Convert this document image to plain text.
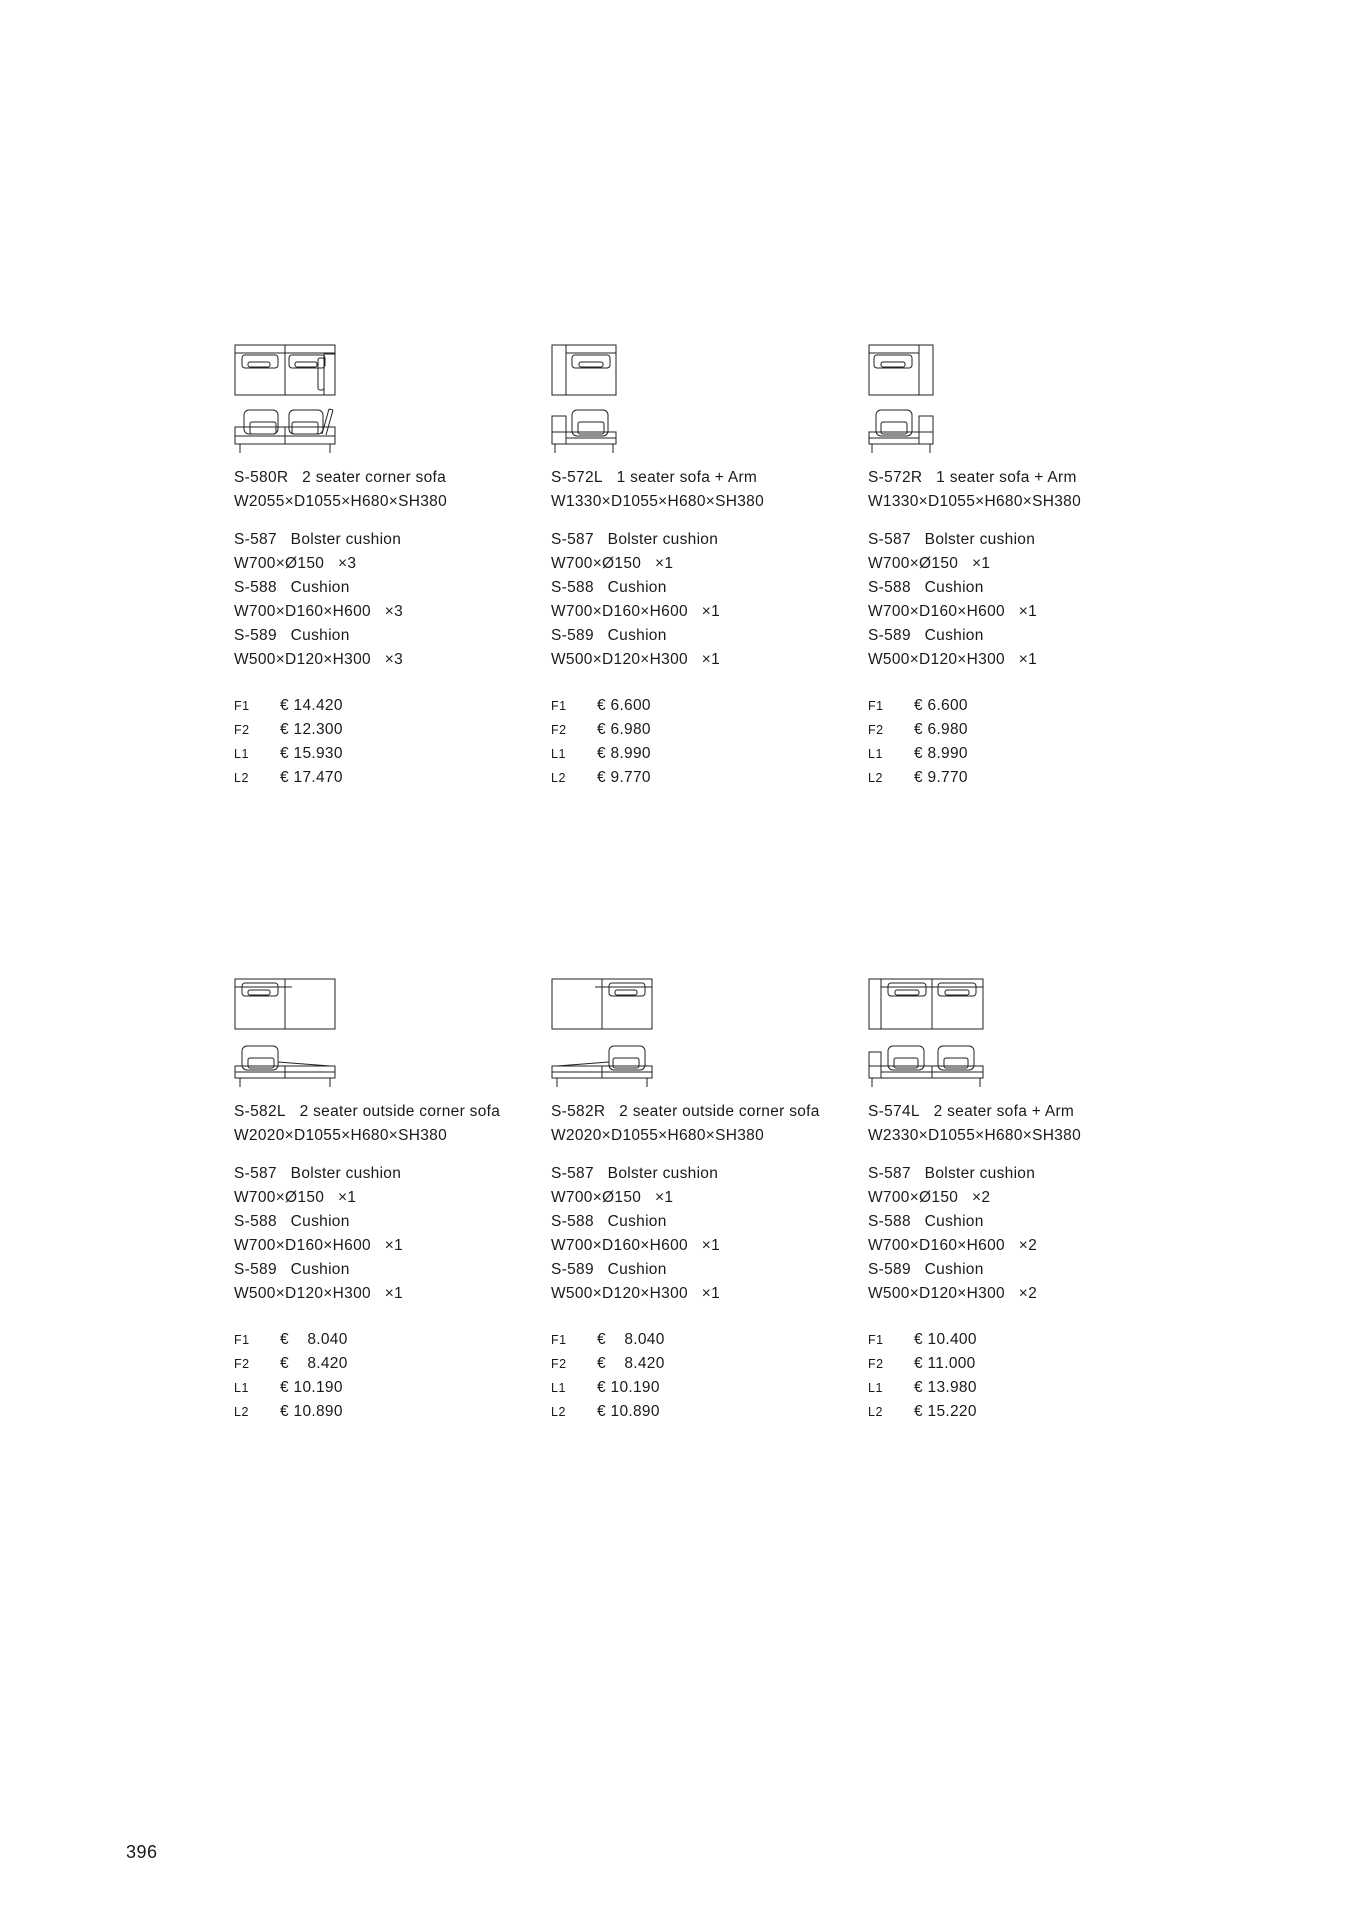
S-580R   2 seater corner sofa
W2055×D1055×H680×SH380
S-587   Bolster cushion
W700×Ø150   ×3
S-588   Cushion
W700×D160×H600   ×3
S-589   Cushion
W500×D120×H300   ×3
F1	€ 14.420
F2	€ 12.300
L1	€ 15.930
L2	€ 17.470
S-572L   1 seater sofa + Arm
W1330×D1055×H680×SH380
S-587   Bolster cushion
W700×Ø150   ×1
S-588   Cushion
W700×D160×H600   ×1
S-589   Cushion
W500×D120×H300   ×1
F1	€ 6.600
F2	€ 6.980
L1	€ 8.990
L2	€ 9.770
S-572R   1 seater sofa + Arm
W1330×D1055×H680×SH380
S-587   Bolster cushion
W700×Ø150   ×1
S-588   Cushion
W700×D160×H600   ×1
S-589   Cushion
W500×D120×H300   ×1
F1	€ 6.600
F2	€ 6.980
L1	€ 8.990
L2	€ 9.770
S-582L   2 seater outside corner sofa
W2020×D1055×H680×SH380
S-587   Bolster cushion
W700×Ø150   ×1
S-588   Cushion
W700×D160×H600   ×1
S-589   Cushion
W500×D120×H300   ×1
F1	€    8.040
F2	€    8.420
L1	€ 10.190
L2	€ 10.890
S-582R   2 seater outside corner sofa
W2020×D1055×H680×SH380
S-587   Bolster cushion
W700×Ø150   ×1
S-588   Cushion
W700×D160×H600   ×1
S-589   Cushion
W500×D120×H300   ×1
F1	€    8.040
F2	€    8.420
L1	€ 10.190
L2	€ 10.890
S-574L   2 seater sofa + Arm
W2330×D1055×H680×SH380
S-587   Bolster cushion
W700×Ø150   ×2
S-588   Cushion
W700×D160×H600   ×2
S-589   Cushion
W500×D120×H300   ×2
F1	€ 10.400
F2	€ 11.000
L1	€ 13.980
L2	€ 15.220
396
